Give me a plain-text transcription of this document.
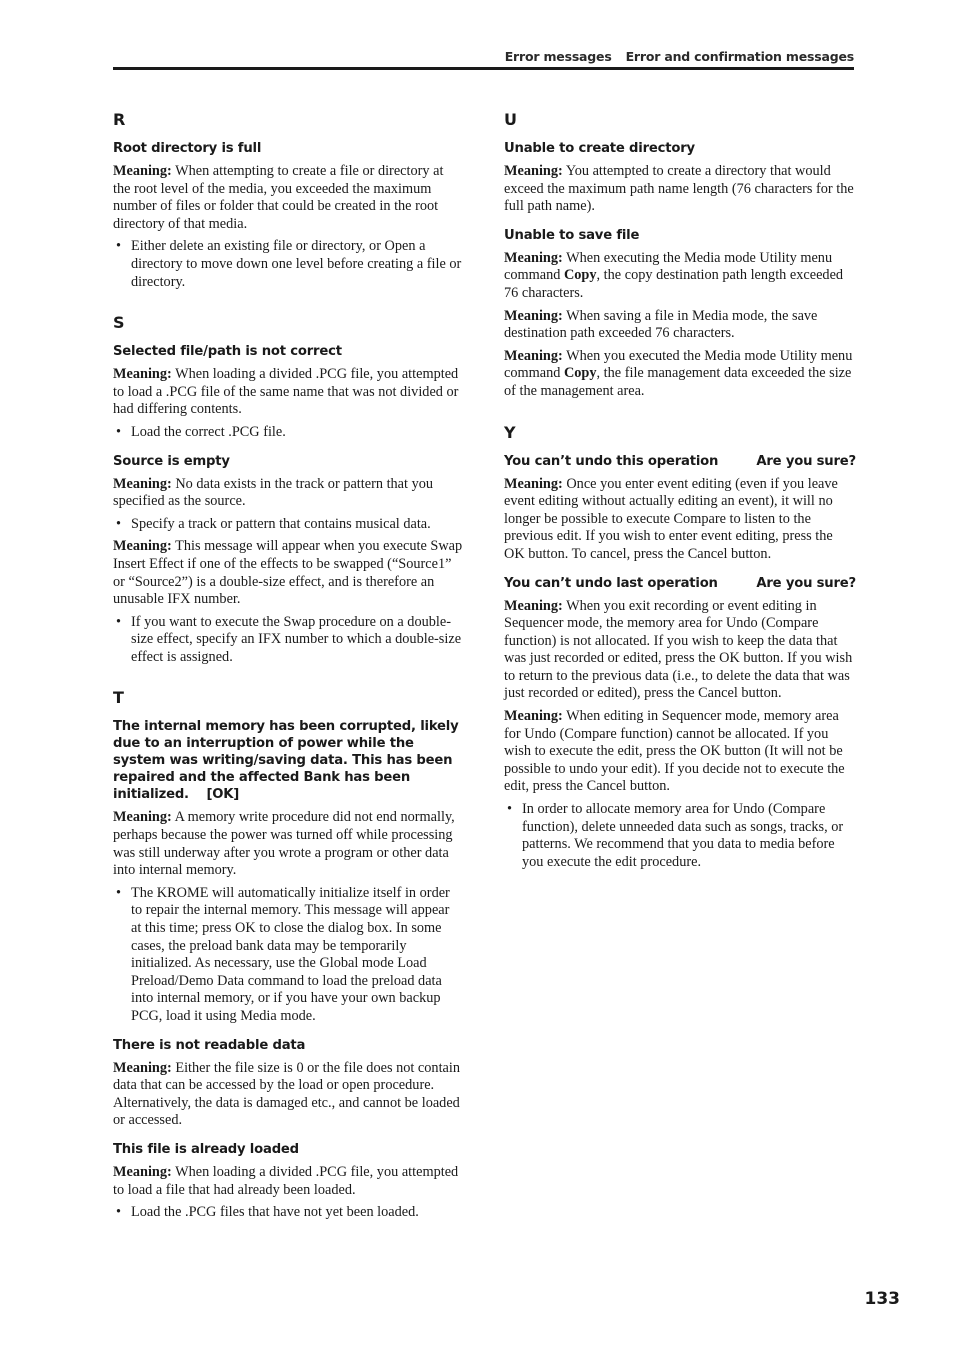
Error messages Error and confirmation messages
R
Root directory is full

Meaning: When attempting to create a file or directory at the root level of the media, you exceeded the maximum number of files or folder that could be created in the root directory of that media.

• Either delete an existing file or directory, or Open a directory to move down one level before creating a file or directory.
S
Selected file/path is not correct

Meaning: When loading a divided .PCG file, you attempted to load a .PCG file of the same name that was not divided or had differing contents.

• Load the correct .PCG file.
Source is empty

Meaning: No data exists in the track or pattern that you specified as the source.

• Specify a track or pattern that contains musical data.

Meaning: This message will appear when you execute Swap Insert Effect if one of the effects to be swapped (“Source1” or “Source2”) is a double-size effect, and is therefore an unusable IFX number.

• If you want to execute the Swap procedure on a double-size effect, specify an IFX number to which a double-size effect is assigned.
T
The internal memory has been corrupted, likely due to an interruption of power while the system was writing/saving data. This has been repaired and the affected Bank has been initialized. [OK]

Meaning: A memory write procedure did not end normally, perhaps because the power was turned off while processing was still underway after you wrote a program or other data into internal memory.

• The KROME will automatically initialize itself in order to repair the internal memory. This message will appear at this time; press OK to close the dialog box. In some cases, the preload bank data may be temporarily initialized. As necessary, use the Global mode Load Preload/Demo Data command to load the preload data into internal memory, or if you have your own backup PCG, load it using Media mode.
There is not readable data

Meaning: Either the file size is 0 or the file does not contain data that can be accessed by the load or open procedure. Alternatively, the data is damaged etc., and cannot be loaded or accessed.

This file is already loaded

Meaning: When loading a divided .PCG file, you attempted to load a file that had already been loaded.

• Load the .PCG files that have not yet been loaded.
U
Unable to create directory

Meaning: You attempted to create a directory that would exceed the maximum path name length (76 characters for the full path name).

Unable to save file

Meaning: When executing the Media mode Utility menu command Copy, the copy destination path length exceeded 76 characters.

Meaning: When saving a file in Media mode, the save destination path exceeded 76 characters.

Meaning: When you executed the Media mode Utility menu command Copy, the file management data exceeded the size of the management area.

Y
You can’t undo this operation	Are you sure?

Meaning: Once you enter event editing (even if you leave event editing without actually editing an event), it will no longer be possible to execute Compare to listen to the previous edit. If you wish to enter event editing, press the OK button. To cancel, press the Cancel button.

You can’t undo last operation	Are you sure?

Meaning: When you exit recording or event editing in Sequencer mode, the memory area for Undo (Compare function) is not allocated. If you wish to keep the data that was just recorded or edited, press the OK button. If you wish to return to the previous data (i.e., to delete the data that was just recorded or edited), press the Cancel button.

Meaning: When editing in Sequencer mode, memory area for Undo (Compare function) cannot be allocated. If you wish to execute the edit, press the OK button (It will not be possible to undo your edit). If you decide not to execute the edit, press the Cancel button.

• In order to allocate memory area for Undo (Compare function), delete unneeded data such as songs, tracks, or patterns. We recommend that you data to media before you execute the edit procedure.
133
